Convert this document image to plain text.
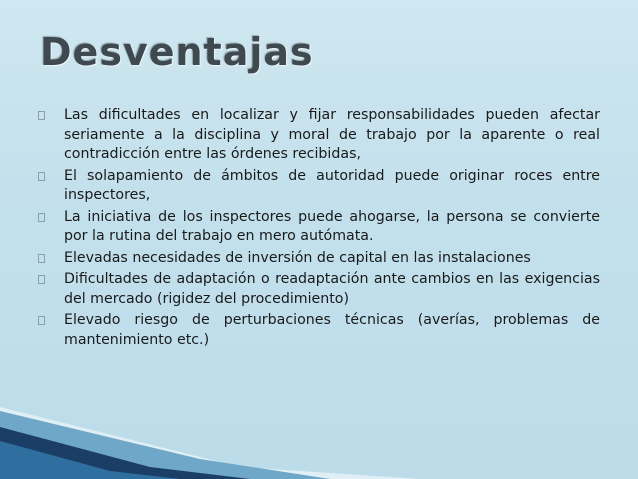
Desventajas
Las dificultades en localizar y fijar responsabilidades pueden afectar seriamente a la disciplina y moral de trabajo por la aparente o real contradicción entre las órdenes recibidas,
El solapamiento de ámbitos de autoridad puede originar roces entre inspectores,
La iniciativa de los inspectores puede ahogarse, la persona se convierte por la rutina del trabajo en mero autómata.
Elevadas necesidades de inversión de capital en las instalaciones
Dificultades de adaptación o readaptación ante cambios en las exigencias del mercado (rigidez del procedimiento)
Elevado riesgo de perturbaciones técnicas (averías, problemas de mantenimiento etc.)
